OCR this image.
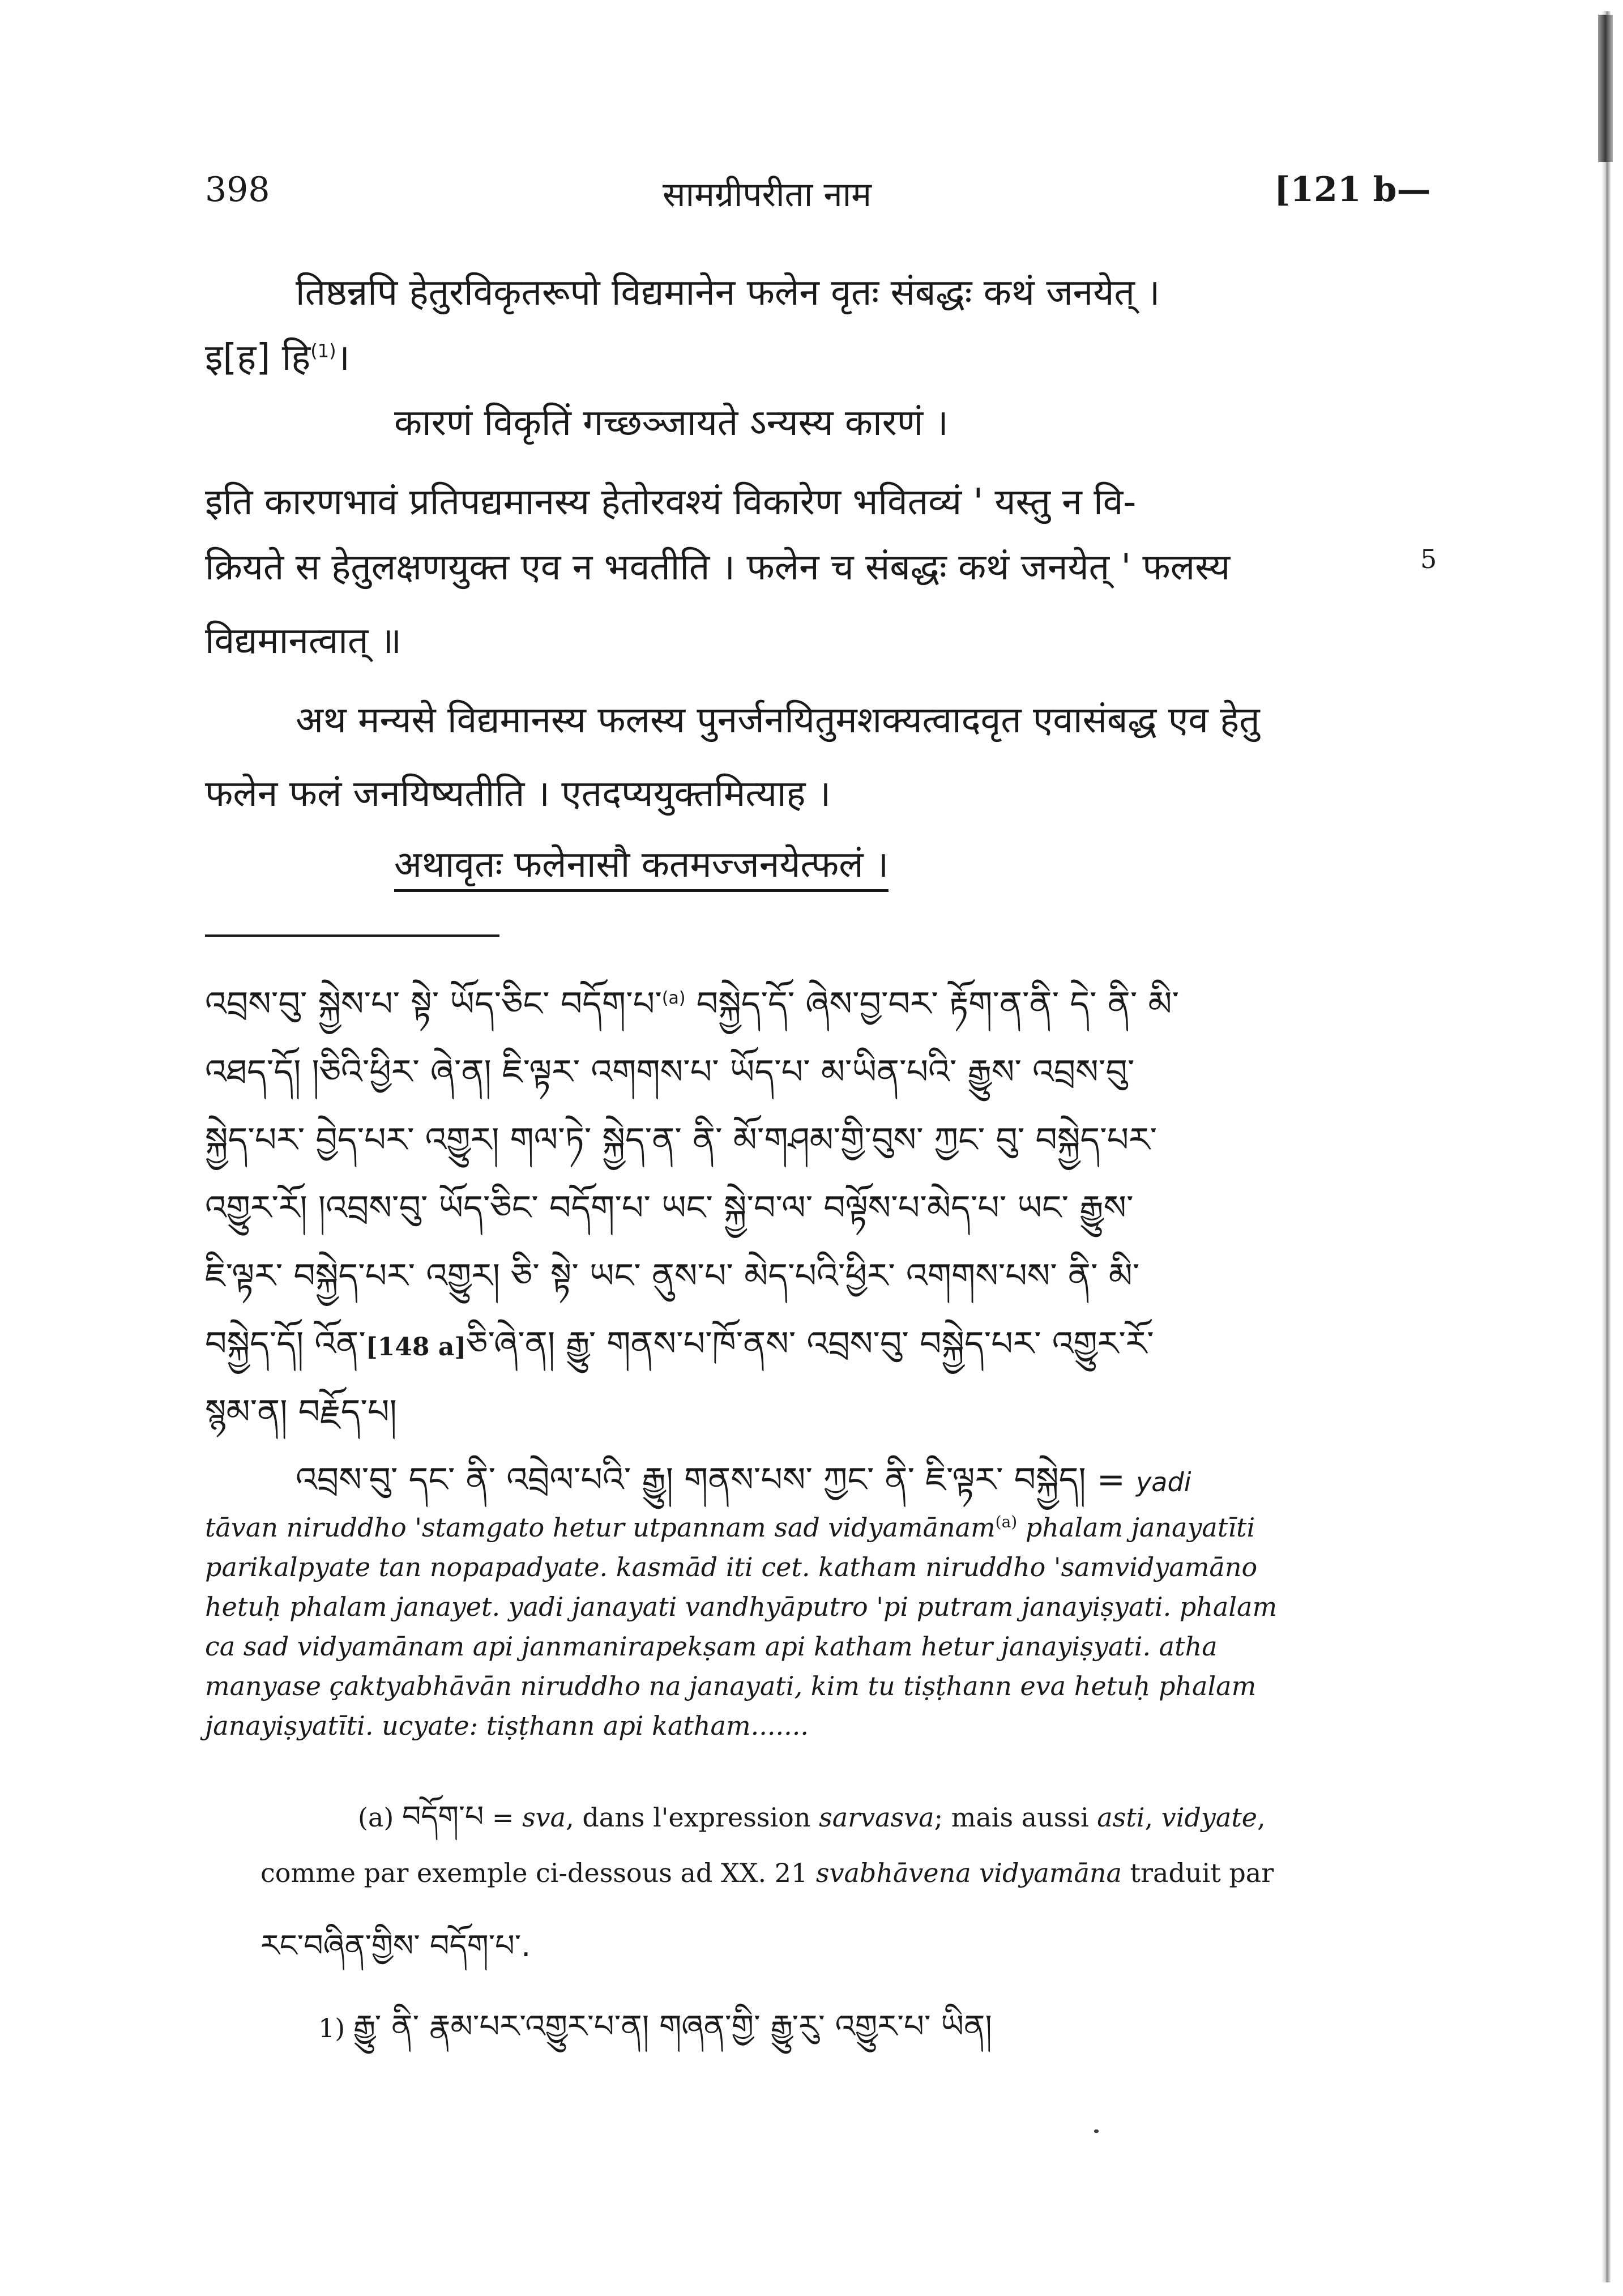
398	सामग्रीपरीता नाम	[121 b—
तिष्ठन्नपि हेतुरविकृतरूपो विद्यमानेन फलेन वृतः संबद्धः कथं जनयेत् ।
इ[ह] हि$^{(1)}$।
कारणं विकृतिं गच्छञ्जायते ऽन्यस्य कारणं ।
इति कारणभावं प्रतिपद्यमानस्य हेतोरवश्यं विकारेण भवितव्यं ' यस्तु न वि-
क्रियते स हेतुलक्षणयुक्त एव न भवतीति । फलेन च संबद्धः कथं जनयेत् ' फलस्य	5
विद्यमानत्वात् ॥
अथ मन्यसे विद्यमानस्य फलस्य पुनर्जनयितुमशक्यत्वादवृत एवासंबद्ध एव हेतु
फलेन फलं जनयिष्यतीति । एतदप्ययुक्तमित्याह ।
अथावृतः फलेनासौ कतमज्जनयेत्फलं ।
འབྲས་བུ་ སྐྱེས་པ་ སྟེ་ ཡོད་ཅིང་ བདོག་པ་$^{(a)}$ བསྐྱེད་དོ་ ཞེས་བྱ་བར་ རྟོག་ན་ནི་ དེ་ ནི་ མི་
འཐད་དོ། །ཅིའི་ཕྱིར་ ཞེ་ན། ཇི་ལྟར་ འགགས་པ་ ཡོད་པ་ མ་ཡིན་པའི་ རྒྱུས་ འབྲས་བུ་
སྐྱེད་པར་ བྱེད་པར་ འགྱུར། གལ་ཏེ་ སྐྱེད་ན་ ནི་ མོ་གཤམ་གྱི་བུས་ ཀྱང་ བུ་ བསྐྱེད་པར་
འགྱུར་རོ། །འབྲས་བུ་ ཡོད་ཅིང་ བདོག་པ་ ཡང་ སྐྱེ་བ་ལ་ བལྟོས་པ་མེད་པ་ ཡང་ རྒྱུས་
ཇི་ལྟར་ བསྐྱེད་པར་ འགྱུར། ཅི་ སྟེ་ ཡང་ ནུས་པ་ མེད་པའི་ཕྱིར་ འགགས་པས་ ནི་ མི་
བསྐྱེད་དོ། འོན་[148 a]ཅི་ཞེ་ན། རྒྱུ་ གནས་པ་ཁོ་ནས་ འབྲས་བུ་ བསྐྱེད་པར་ འགྱུར་རོ་
སྙམ་ན། བརྗོད་པ།
འབྲས་བུ་ དང་ ནི་ འབྲེལ་པའི་ རྒྱུ། གནས་པས་ ཀྱང་ ནི་ ཇི་ལྟར་ བསྐྱེད། = yadi
tāvan niruddho 'stamgato hetur utpannam sad vidyamānam$^{(a)}$ phalam janayatīti
parikalpyate tan nopapadyate. kasmād iti cet. katham niruddho 'samvidyamāno
hetuḥ phalam janayet. yadi janayati vandhyāputro 'pi putram janayiṣyati. phalam
ca sad vidyamānam api janmanirapekṣam api katham hetur janayiṣyati. atha
manyase çaktyabhāvān niruddho na janayati, kim tu tiṣṭhann eva hetuḥ phalam
janayiṣyatīti. ucyate: tiṣṭhann api katham.......
(a) བདོག་པ = sva, dans l'expression sarvasva; mais aussi asti, vidyate,
comme par exemple ci-dessous ad XX. 21 svabhāvena vidyamāna traduit par
རང་བཞིན་གྱིས་ བདོག་པ་.
1) རྒྱུ་ ནི་ རྣམ་པར་འགྱུར་པ་ན། གཞན་གྱི་ རྒྱུ་རུ་ འགྱུར་པ་ ཡིན།
